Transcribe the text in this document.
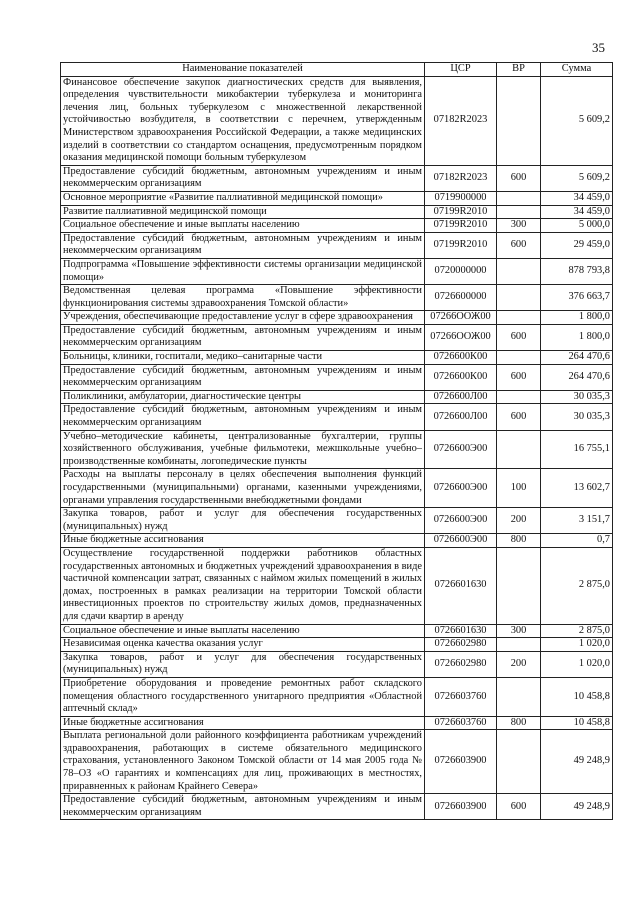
35
Наименование показателей	ЦСР	ВР	Сумма
Финансовое обеспечение закупок диагностических средств для выявления, определения чувствительности микобактерии туберкулеза и мониторинга лечения лиц, больных туберкулезом с множественной лекарственной устойчивостью возбудителя, в соответствии с перечнем, утвержденным Министерством здравоохранения Российской Федерации, а также медицинских изделий в соответствии со стандартом оснащения, предусмотренным порядком оказания медицинской помощи больным туберкулезом	07182R2023		5 609,2
Предоставление субсидий бюджетным, автономным учреждениям и иным некоммерческим организациям	07182R2023	600	5 609,2
Основное мероприятие «Развитие паллиативной медицинской помощи»	0719900000		34 459,0
Развитие паллиативной медицинской помощи	07199R2010		34 459,0
Социальное обеспечение и иные выплаты населению	07199R2010	300	5 000,0
Предоставление субсидий бюджетным, автономным учреждениям и иным некоммерческим организациям	07199R2010	600	29 459,0
Подпрограмма «Повышение эффективности системы организации медицинской помощи»	0720000000		878 793,8
Ведомственная целевая программа «Повышение эффективности функционирования системы здравоохранения Томской области»	0726600000		376 663,7
Учреждения, обеспечивающие предоставление услуг в сфере здравоохранения	07266ООЖ00		1 800,0
Предоставление субсидий бюджетным, автономным учреждениям и иным некоммерческим организациям	07266ООЖ00	600	1 800,0
Больницы, клиники, госпитали, медико–санитарные части	0726600К00		264 470,6
Предоставление субсидий бюджетным, автономным учреждениям и иным некоммерческим организациям	0726600К00	600	264 470,6
Поликлиники, амбулатории, диагностические центры	0726600Л00		30 035,3
Предоставление субсидий бюджетным, автономным учреждениям и иным некоммерческим организациям	0726600Л00	600	30 035,3
Учебно–методические кабинеты, централизованные бухгалтерии, группы хозяйственного обслуживания, учебные фильмотеки, межшкольные учебно–производственные комбинаты, логопедические пункты	0726600Э00		16 755,1
Расходы на выплаты персоналу в целях обеспечения выполнения функций государственными (муниципальными) органами, казенными учреждениями, органами управления государственными внебюджетными фондами	0726600Э00	100	13 602,7
Закупка товаров, работ и услуг для обеспечения государственных (муниципальных) нужд	0726600Э00	200	3 151,7
Иные бюджетные ассигнования	0726600Э00	800	0,7
Осуществление государственной поддержки работников областных государственных автономных и бюджетных учреждений здравоохранения в виде частичной компенсации затрат, связанных с наймом жилых помещений в жилых домах, построенных в рамках реализации на территории Томской области инвестиционных проектов по строительству жилых домов, предназначенных для сдачи квартир в аренду	0726601630		2 875,0
Социальное обеспечение и иные выплаты населению	0726601630	300	2 875,0
Независимая оценка качества оказания услуг	0726602980		1 020,0
Закупка товаров, работ и услуг для обеспечения государственных (муниципальных) нужд	0726602980	200	1 020,0
Приобретение оборудования и проведение ремонтных работ складского помещения областного государственного унитарного предприятия «Областной аптечный склад»	0726603760		10 458,8
Иные бюджетные ассигнования	0726603760	800	10 458,8
Выплата региональной доли районного коэффициента работникам учреждений здравоохранения, работающих в системе обязательного медицинского страхования, установленного Законом Томской области от 14 мая 2005 года № 78–ОЗ «О гарантиях и компенсациях для лиц, проживающих в местностях, приравненных к районам Крайнего Севера»	0726603900		49 248,9
Предоставление субсидий бюджетным, автономным учреждениям и иным некоммерческим организациям	0726603900	600	49 248,9
